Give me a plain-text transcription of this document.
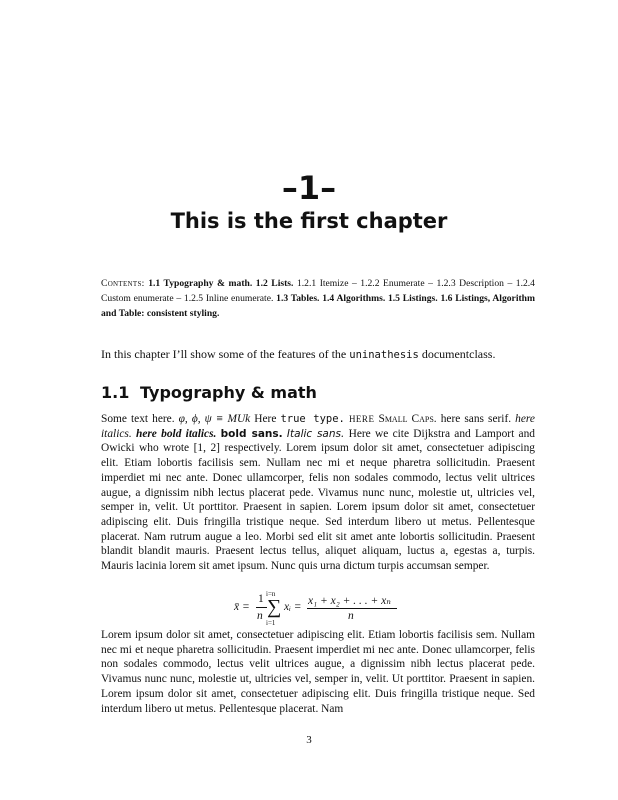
–1–
This is the first chapter
Contents: 1.1 Typography & math. 1.2 Lists. 1.2.1 Itemize – 1.2.2 Enumerate – 1.2.3 Description – 1.2.4 Custom enumerate – 1.2.5 Inline enumerate. 1.3 Tables. 1.4 Algorithms. 1.5 Listings. 1.6 Listings, Algorithm and Table: consistent styling.
In this chapter I’ll show some of the features of the uninathesis documentclass.
1.1 Typography & math
Some text here. φ, ϕ, ψ ≡ MUk Here true type. HERE Small Caps. here sans serif. here italics. here bold italics. bold sans. Italic sans. Here we cite Dijkstra and Lamport and Owicki who wrote [1, 2] respectively. Lorem ipsum dolor sit amet, consectetuer adipiscing elit. Etiam lobortis facilisis sem. Nullam nec mi et neque pharetra sollicitudin. Praesent imperdiet mi nec ante. Donec ullamcorper, felis non sodales commodo, lectus velit ultrices augue, a dignissim nibh lectus placerat pede. Vivamus nunc nunc, molestie ut, ultricies vel, semper in, velit. Ut porttitor. Praesent in sapien. Lorem ipsum dolor sit amet, consectetuer adipiscing elit. Duis fringilla tristique neque. Sed interdum libero ut metus. Pellentesque placerat. Nam rutrum augue a leo. Morbi sed elit sit amet ante lobortis sollicitudin. Praesent blandit blandit mauris. Praesent lectus tellus, aliquet aliquam, luctus a, egestas a, turpis. Mauris lacinia lorem sit amet ipsum. Nunc quis urna dictum turpis accumsan semper.
x̄ =
1
n
i=n
∑
i=1
xᵢ = x₁ + x₂ + . . . + xₙ
n
Lorem ipsum dolor sit amet, consectetuer adipiscing elit. Etiam lobortis facilisis sem. Nullam nec mi et neque pharetra sollicitudin. Praesent imperdiet mi nec ante. Donec ullamcorper, felis non sodales commodo, lectus velit ultrices augue, a dignissim nibh lectus placerat pede. Vivamus nunc nunc, molestie ut, ultricies vel, semper in, velit. Ut porttitor. Praesent in sapien. Lorem ipsum dolor sit amet, consectetuer adipiscing elit. Duis fringilla tristique neque. Sed interdum libero ut metus. Pellentesque placerat. Nam
3
